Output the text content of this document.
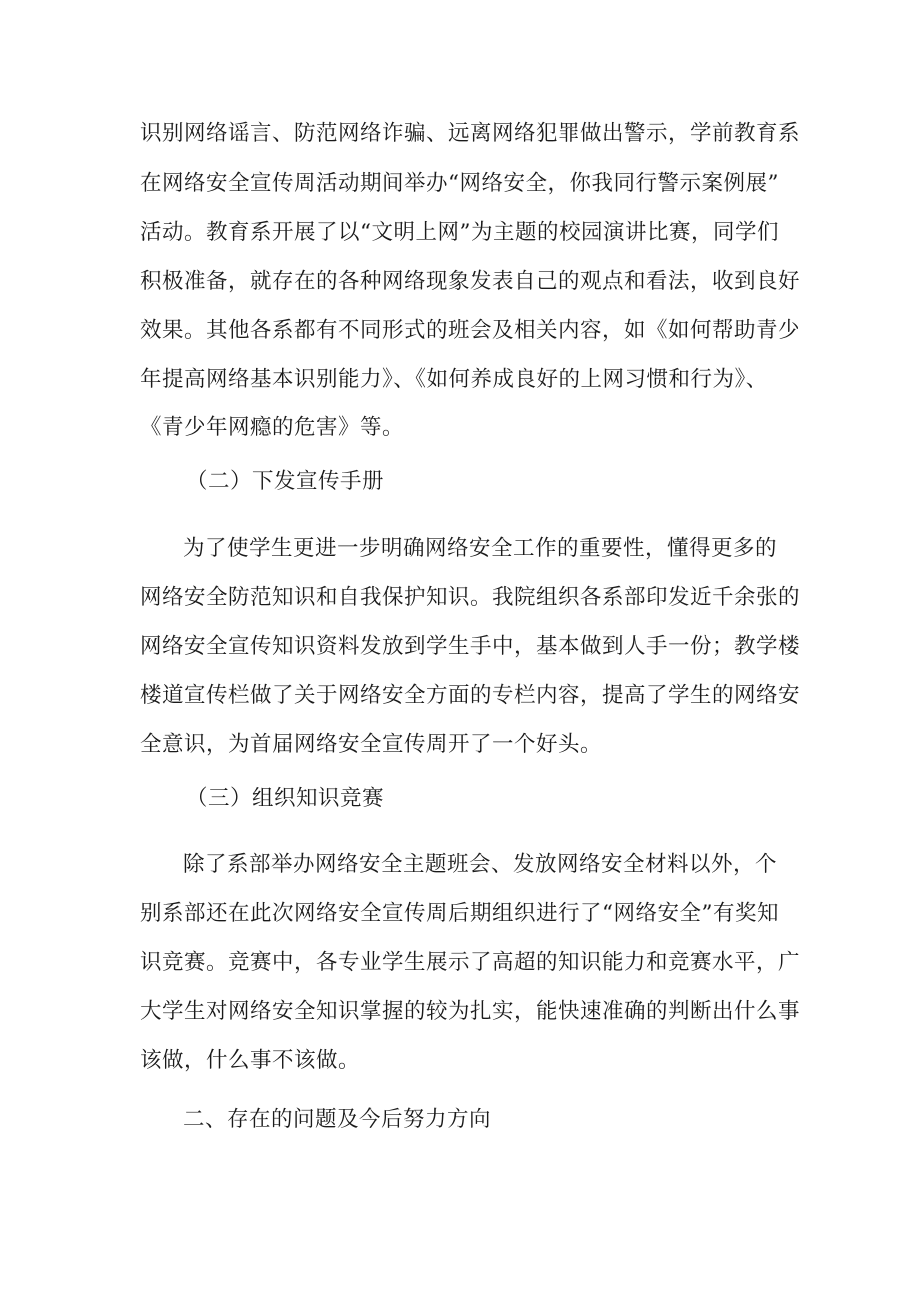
识别网络谣言、防范网络诈骗、远离网络犯罪做出警示，学前教育系
在网络安全宣传周活动期间举办“网络安全，你我同行警示案例展”
活动。教育系开展了以“文明上网”为主题的校园演讲比赛，同学们
积极准备，就存在的各种网络现象发表自己的观点和看法，收到良好
效果。其他各系都有不同形式的班会及相关内容，如《如何帮助青少
年提高网络基本识别能力》、《如何养成良好的上网习惯和行为》、
《青少年网瘾的危害》等。
（二）下发宣传手册
为了使学生更进一步明确网络安全工作的重要性，懂得更多的
网络安全防范知识和自我保护知识。我院组织各系部印发近千余张的
网络安全宣传知识资料发放到学生手中，基本做到人手一份；教学楼
楼道宣传栏做了关于网络安全方面的专栏内容，提高了学生的网络安
全意识，为首届网络安全宣传周开了一个好头。
（三）组织知识竞赛
除了系部举办网络安全主题班会、发放网络安全材料以外，个
别系部还在此次网络安全宣传周后期组织进行了“网络安全”有奖知
识竞赛。竞赛中，各专业学生展示了高超的知识能力和竞赛水平，广
大学生对网络安全知识掌握的较为扎实，能快速准确的判断出什么事
该做，什么事不该做。
二、存在的问题及今后努力方向
